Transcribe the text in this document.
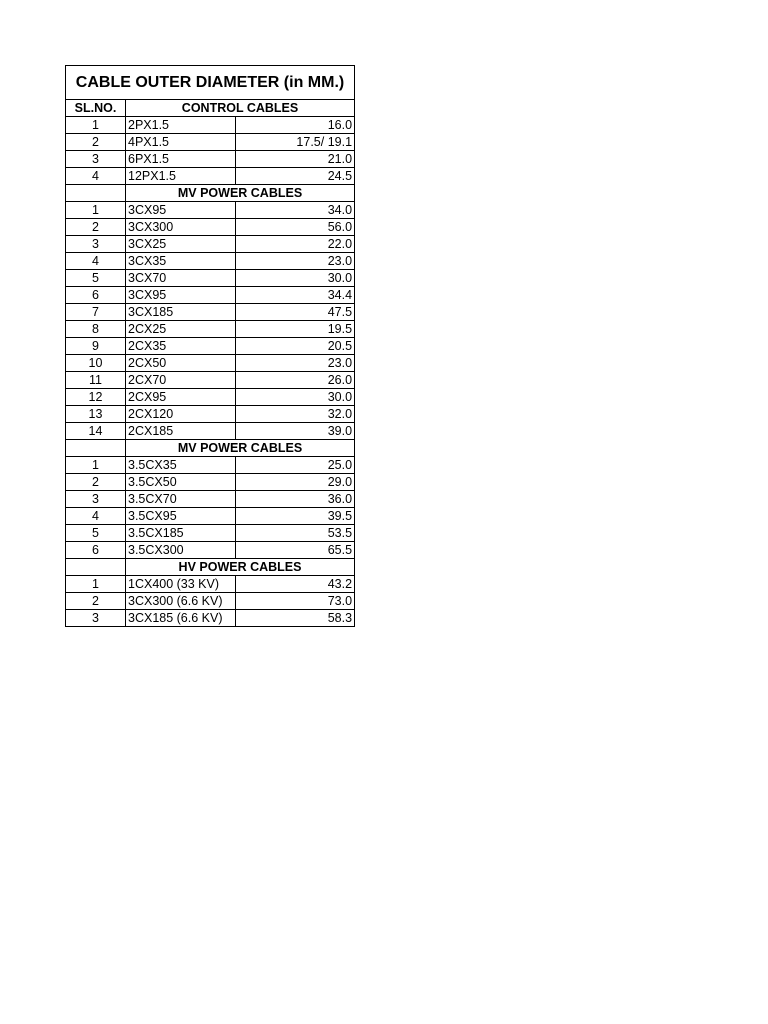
CABLE OUTER DIAMETER (in MM.)		
SL.NO.	CONTROL CABLES	
1	2PX1.5	16.0
2	4PX1.5	17.5/ 19.1
3	6PX1.5	21.0
4	12PX1.5	24.5
	MV POWER CABLES	
1	3CX95	34.0
2	3CX300	56.0
3	3CX25	22.0
4	3CX35	23.0
5	3CX70	30.0
6	3CX95	34.4
7	3CX185	47.5
8	2CX25	19.5
9	2CX35	20.5
10	2CX50	23.0
11	2CX70	26.0
12	2CX95	30.0
13	2CX120	32.0
14	2CX185	39.0
	MV POWER CABLES	
1	3.5CX35	25.0
2	3.5CX50	29.0
3	3.5CX70	36.0
4	3.5CX95	39.5
5	3.5CX185	53.5
6	3.5CX300	65.5
	HV POWER CABLES	
1	1CX400 (33 KV)	43.2
2	3CX300 (6.6 KV)	73.0
3	3CX185 (6.6 KV)	58.3
